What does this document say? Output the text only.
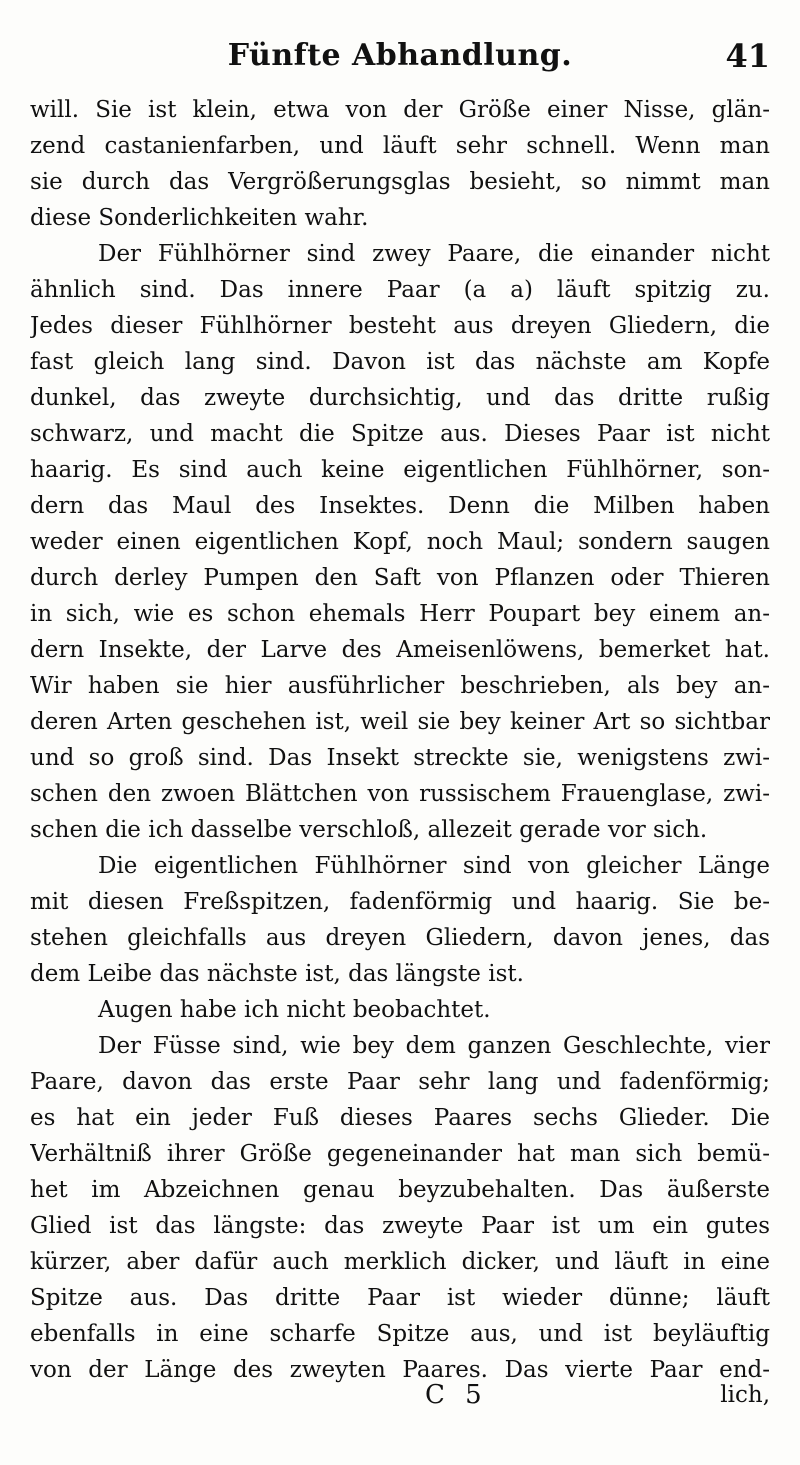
Fünfte Abhandlung.	41
will. Sie ist klein, etwa von der Größe einer Nisse, glän-
zend castanienfarben, und läuft sehr schnell. Wenn man
sie durch das Vergrößerungsglas besieht, so nimmt man
diese Sonderlichkeiten wahr.
Der Fühlhörner sind zwey Paare, die einander nicht
ähnlich sind. Das innere Paar (a a) läuft spitzig zu.
Jedes dieser Fühlhörner besteht aus dreyen Gliedern, die
fast gleich lang sind. Davon ist das nächste am Kopfe
dunkel, das zweyte durchsichtig, und das dritte rußig
schwarz, und macht die Spitze aus. Dieses Paar ist nicht
haarig. Es sind auch keine eigentlichen Fühlhörner, son-
dern das Maul des Insektes. Denn die Milben haben
weder einen eigentlichen Kopf, noch Maul; sondern saugen
durch derley Pumpen den Saft von Pflanzen oder Thieren
in sich, wie es schon ehemals Herr Poupart bey einem an-
dern Insekte, der Larve des Ameisenlöwens, bemerket hat.
Wir haben sie hier ausführlicher beschrieben, als bey an-
deren Arten geschehen ist, weil sie bey keiner Art so sichtbar
und so groß sind. Das Insekt streckte sie, wenigstens zwi-
schen den zwoen Blättchen von russischem Frauenglase, zwi-
schen die ich dasselbe verschloß, allezeit gerade vor sich.
Die eigentlichen Fühlhörner sind von gleicher Länge
mit diesen Freßspitzen, fadenförmig und haarig. Sie be-
stehen gleichfalls aus dreyen Gliedern, davon jenes, das
dem Leibe das nächste ist, das längste ist.
Augen habe ich nicht beobachtet.
Der Füsse sind, wie bey dem ganzen Geschlechte, vier
Paare, davon das erste Paar sehr lang und fadenförmig;
es hat ein jeder Fuß dieses Paares sechs Glieder. Die
Verhältniß ihrer Größe gegeneinander hat man sich bemü-
het im Abzeichnen genau beyzubehalten. Das äußerste
Glied ist das längste: das zweyte Paar ist um ein gutes
kürzer, aber dafür auch merklich dicker, und läuft in eine
Spitze aus. Das dritte Paar ist wieder dünne; läuft
ebenfalls in eine scharfe Spitze aus, und ist beyläuftig
von der Länge des zweyten Paares. Das vierte Paar end-
C 5	lich,
